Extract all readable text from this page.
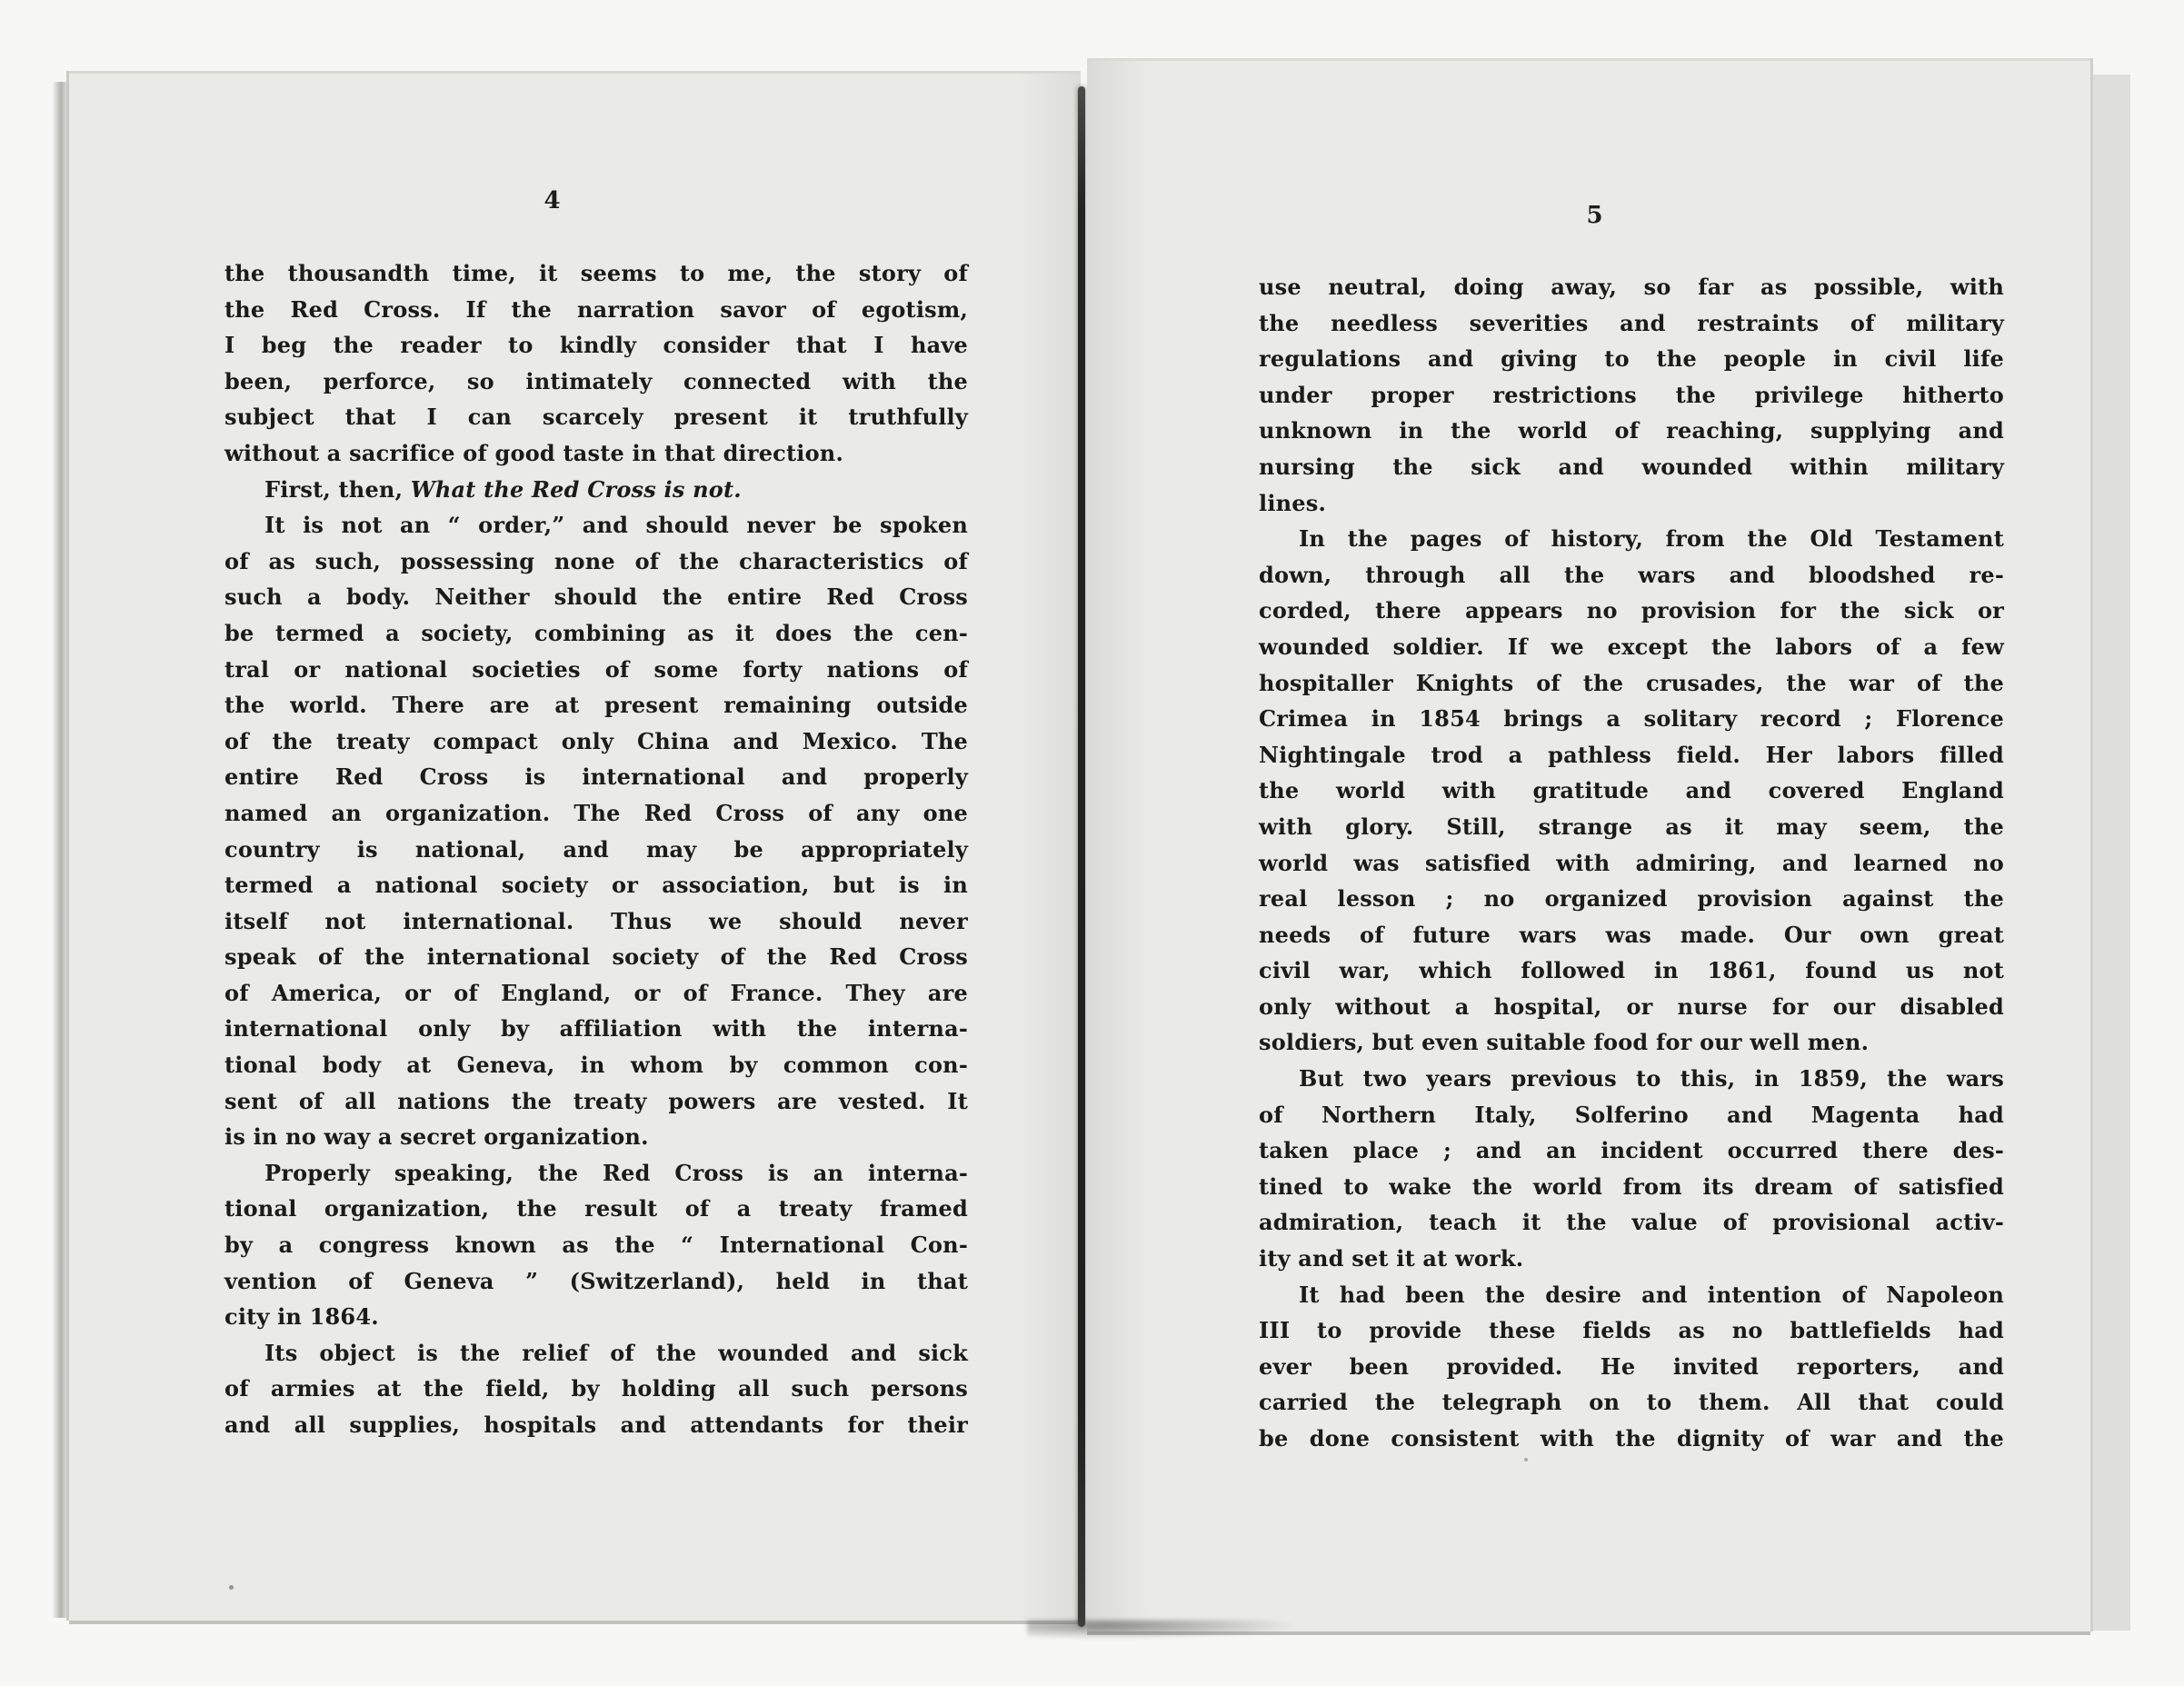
4
the thousandth time, it seems to me, the story of
the Red Cross. If the narration savor of egotism,
I beg the reader to kindly consider that I have
been, perforce, so intimately connected with the
subject that I can scarcely present it truthfully
without a sacrifice of good taste in that direction.
First, then, What the Red Cross is not.
It is not an “ order,” and should never be spoken
of as such, possessing none of the characteristics of
such a body. Neither should the entire Red Cross
be termed a society, combining as it does the cen-
tral or national societies of some forty nations of
the world. There are at present remaining outside
of the treaty compact only China and Mexico. The
entire Red Cross is international and properly
named an organization. The Red Cross of any one
country is national, and may be appropriately
termed a national society or association, but is in
itself not international. Thus we should never
speak of the international society of the Red Cross
of America, or of England, or of France. They are
international only by affiliation with the interna-
tional body at Geneva, in whom by common con-
sent of all nations the treaty powers are vested. It
is in no way a secret organization.
Properly speaking, the Red Cross is an interna-
tional organization, the result of a treaty framed
by a congress known as the “ International Con-
vention of Geneva ” (Switzerland), held in that
city in 1864.
Its object is the relief of the wounded and sick
of armies at the field, by holding all such persons
and all supplies, hospitals and attendants for their
5
use neutral, doing away, so far as possible, with
the needless severities and restraints of military
regulations and giving to the people in civil life
under proper restrictions the privilege hitherto
unknown in the world of reaching, supplying and
nursing the sick and wounded within military
lines.
In the pages of history, from the Old Testament
down, through all the wars and bloodshed re-
corded, there appears no provision for the sick or
wounded soldier. If we except the labors of a few
hospitaller Knights of the crusades, the war of the
Crimea in 1854 brings a solitary record ; Florence
Nightingale trod a pathless field. Her labors filled
the world with gratitude and covered England
with glory. Still, strange as it may seem, the
world was satisfied with admiring, and learned no
real lesson ; no organized provision against the
needs of future wars was made. Our own great
civil war, which followed in 1861, found us not
only without a hospital, or nurse for our disabled
soldiers, but even suitable food for our well men.
But two years previous to this, in 1859, the wars
of Northern Italy, Solferino and Magenta had
taken place ; and an incident occurred there des-
tined to wake the world from its dream of satisfied
admiration, teach it the value of provisional activ-
ity and set it at work.
It had been the desire and intention of Napoleon
III to provide these fields as no battlefields had
ever been provided. He invited reporters, and
carried the telegraph on to them. All that could
be done consistent with the dignity of war and the
